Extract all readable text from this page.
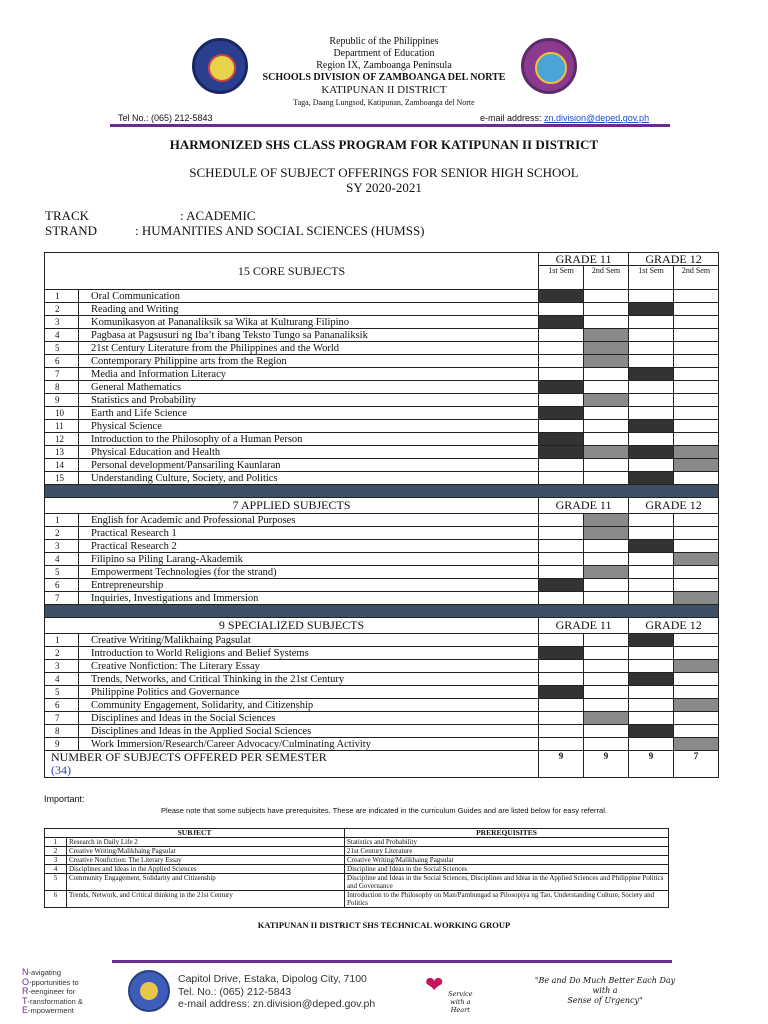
Republic of the Philippines
Department of Education
Region IX, Zamboanga Peninsula
SCHOOLS DIVISION OF ZAMBOANGA DEL NORTE
KATIPUNAN II DISTRICT
Taga, Daang Lungsod, Katipunan, Zamboanga del Norte
Tel No.: (065) 212-5843	e-mail address: zn.division@deped.gov.ph
HARMONIZED SHS CLASS PROGRAM FOR KATIPUNAN II DISTRICT
SCHEDULE OF SUBJECT OFFERINGS FOR SENIOR HIGH SCHOOL
SY 2020-2021
TRACK	: ACADEMIC
STRAND	: HUMANITIES AND SOCIAL SCIENCES (HUMSS)
15 CORE SUBJECTS		GRADE 11		GRADE 12	
		1st Sem	2nd Sem	1st Sem	2nd Sem
1	Oral Communication				
2	Reading and Writing				
3	Komunikasyon at Pananaliksik sa Wika at Kulturang Filipino				
4	Pagbasa at Pagsusuri ng Iba’t ibang Teksto Tungo sa Pananaliksik				
5	21st Century Literature from the Philippines and the World				
6	Contemporary Philippine arts from the Region				
7	Media and Information Literacy				
8	General Mathematics				
9	Statistics and Probability				
10	Earth and Life Science				
11	Physical Science				
12	Introduction to the Philosophy of a Human Person				
13	Physical Education and Health				
14	Personal development/Pansariling Kaunlaran				
15	Understanding Culture, Society, and Politics				

7 APPLIED SUBJECTS		GRADE 11		GRADE 12	
1	English for Academic and Professional Purposes				
2	Practical Research 1				
3	Practical Research 2				
4	Filipino sa Piling Larang-Akademik				
5	Empowerment Technologies (for the strand)				
6	Entrepreneurship				
7	Inquiries, Investigations and Immersion				

9 SPECIALIZED SUBJECTS		GRADE 11		GRADE 12	
1	Creative Writing/Malikhaing Pagsulat				
2	Introduction to World Religions and Belief Systems				
3	Creative Nonfiction: The Literary Essay				
4	Trends, Networks, and Critical Thinking in the 21st Century				
5	Philippine Politics and Governance				
6	Community Engagement, Solidarity, and Citizenship				
7	Disciplines and Ideas in the Social Sciences				
8	Disciplines and Ideas in the Applied Social Sciences				
9	Work Immersion/Research/Career Advocacy/Culminating Activity				

NUMBER OF SUBJECTS OFFERED PER SEMESTER
(34)		9	9	9	7
Important:
Please note that some subjects have prerequisites. These are indicated in the curriculum Guides and are listed below for easy referral.
SUBJECT		PREREQUISITES
1	Research in Daily Life 2	Statistics and Probability
2	Creative Writing/Malikhaing Pagsulat	21st Century Literature
3	Creative Nonfiction: The Literary Essay	Creative Writing/Malikhaing Pagsulat
4	Disciplines and Ideas in the Applied Sciences	Discipline and Ideas in the Social Sciences
5	Community Engagement, Solidarity and Citizenship	Discipline and Ideas in the Social Sciences, Disciplines and Ideas in the Applied Sciences and Philippine Politics and Governance
6	Trends, Network, and Critical thinking in the 21st Century	Introduction to the Philosophy on Man/Pambungad sa Pilosopiya ng Tao, Understanding Culture, Society and Politics
KATIPUNAN II DISTRICT SHS TECHNICAL WORKING GROUP
N-avigating
O-pportunities to
R-eengineer for
T-ransformation &
E-mpowerment
Capitol Drive, Estaka, Dipolog City, 7100
Tel. No.: (065) 212-5843
e-mail address: zn.division@deped.gov.ph
❤ Service
with a
Heart
"Be and Do Much Better Each Day
with a
Sense of Urgency"
